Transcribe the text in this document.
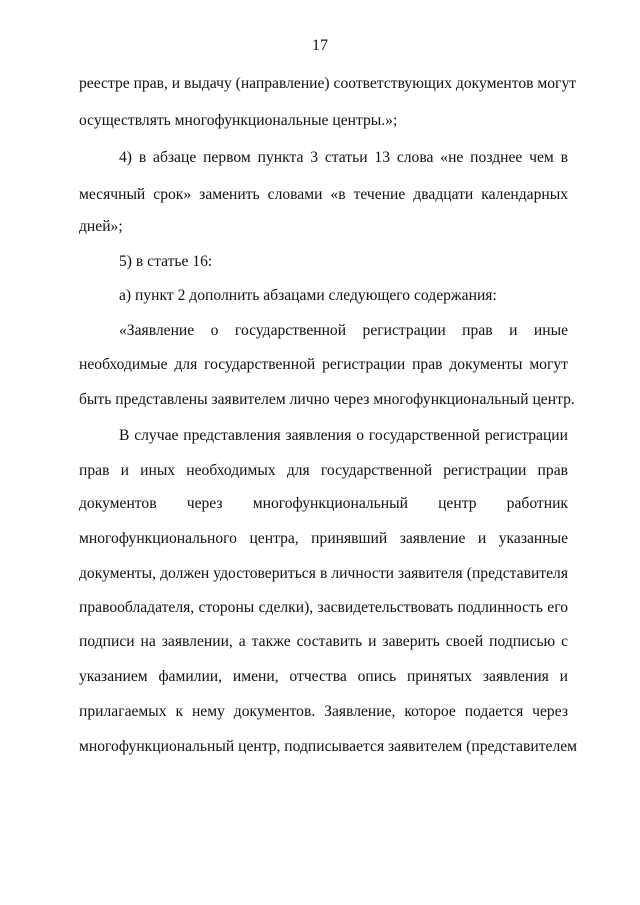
17
реестре прав, и выдачу (направление) соответствующих документов могут
осуществлять многофункциональные центры.»;
4) в абзаце первом пункта 3 статьи 13 слова «не позднее чем в
месячный срок» заменить словами «в течение двадцати календарных
дней»;
5) в статье 16:
а) пункт 2 дополнить абзацами следующего содержания:
«Заявление о государственной регистрации прав и иные
необходимые для государственной регистрации прав документы могут
быть представлены заявителем лично через многофункциональный центр.
В случае представления заявления о государственной регистрации
прав и иных необходимых для государственной регистрации прав
документов через многофункциональный центр работник
многофункционального центра, принявший заявление и указанные
документы, должен удостовериться в личности заявителя (представителя
правообладателя, стороны сделки), засвидетельствовать подлинность его
подписи на заявлении, а также составить и заверить своей подписью с
указанием фамилии, имени, отчества опись принятых заявления и
прилагаемых к нему документов. Заявление, которое подается через
многофункциональный центр, подписывается заявителем (представителем
